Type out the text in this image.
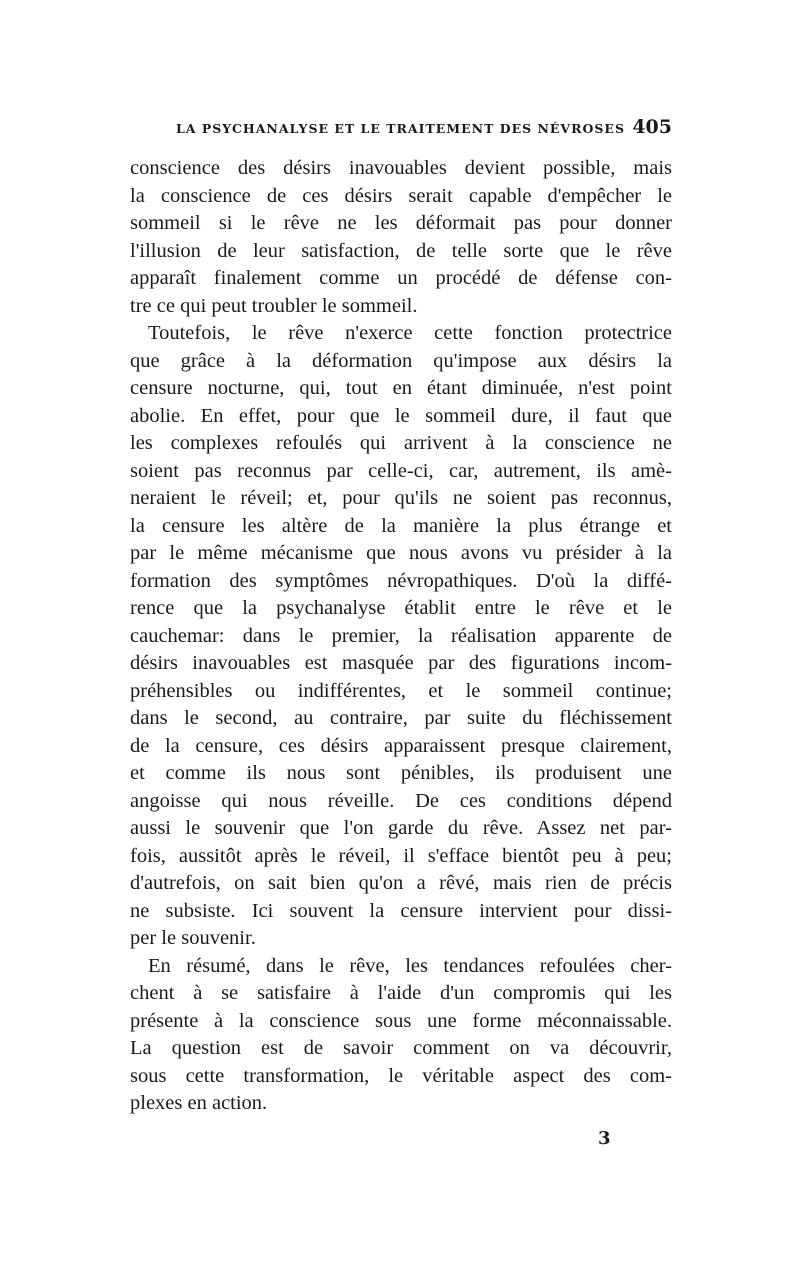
LA PSYCHANALYSE ET LE TRAITEMENT DES NÉVROSES 405
conscience des désirs inavouables devient possible, mais
la conscience de ces désirs serait capable d'empêcher le
sommeil si le rêve ne les déformait pas pour donner
l'illusion de leur satisfaction, de telle sorte que le rêve
apparaît finalement comme un procédé de défense con-
tre ce qui peut troubler le sommeil.
Toutefois, le rêve n'exerce cette fonction protectrice
que grâce à la déformation qu'impose aux désirs la
censure nocturne, qui, tout en étant diminuée, n'est point
abolie. En effet, pour que le sommeil dure, il faut que
les complexes refoulés qui arrivent à la conscience ne
soient pas reconnus par celle-ci, car, autrement, ils amè-
neraient le réveil; et, pour qu'ils ne soient pas reconnus,
la censure les altère de la manière la plus étrange et
par le même mécanisme que nous avons vu présider à la
formation des symptômes névropathiques. D'où la diffé-
rence que la psychanalyse établit entre le rêve et le
cauchemar: dans le premier, la réalisation apparente de
désirs inavouables est masquée par des figurations incom-
préhensibles ou indifférentes, et le sommeil continue;
dans le second, au contraire, par suite du fléchissement
de la censure, ces désirs apparaissent presque clairement,
et comme ils nous sont pénibles, ils produisent une
angoisse qui nous réveille. De ces conditions dépend
aussi le souvenir que l'on garde du rêve. Assez net par-
fois, aussitôt après le réveil, il s'efface bientôt peu à peu;
d'autrefois, on sait bien qu'on a rêvé, mais rien de précis
ne subsiste. Ici souvent la censure intervient pour dissi-
per le souvenir.
En résumé, dans le rêve, les tendances refoulées cher-
chent à se satisfaire à l'aide d'un compromis qui les
présente à la conscience sous une forme méconnaissable.
La question est de savoir comment on va découvrir,
sous cette transformation, le véritable aspect des com-
plexes en action.
3
